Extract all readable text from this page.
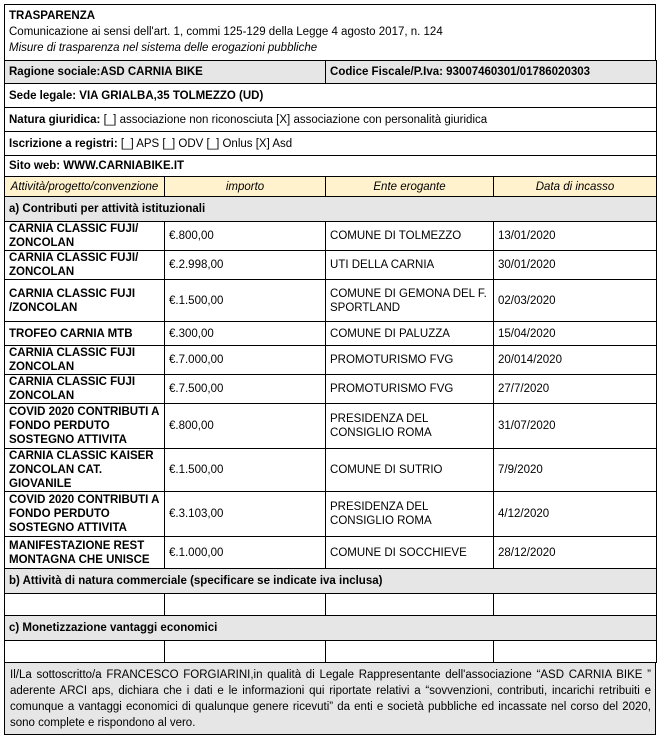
TRASPARENZA
Comunicazione ai sensi dell'art. 1, commi 125-129 della Legge 4 agosto 2017, n. 124
Misure di trasparenza nel sistema delle erogazioni pubbliche
Ragione sociale:ASD CARNIA BIKE		Codice Fiscale/P.Iva: 93007460301/01786020303	
Sede legale: VIA GRIALBA,35 TOLMEZZO (UD)			
Natura giuridica: [_] associazione non riconosciuta [X] associazione con personalità giuridica			
Iscrizione a registri: [_] APS [_] ODV [_] Onlus [X] Asd			
Sito web: WWW.CARNIABIKE.IT			
Attività/progetto/convenzione	importo	Ente erogante	Data di incasso
a) Contributi per attività istituzionali			
CARNIA CLASSIC FUJI/ ZONCOLAN	€.800,00	COMUNE DI TOLMEZZO	13/01/2020
CARNIA CLASSIC FUJI/ ZONCOLAN	€.2.998,00	UTI DELLA CARNIA	30/01/2020
CARNIA CLASSIC FUJI /ZONCOLAN	€.1.500,00	COMUNE DI GEMONA DEL F. SPORTLAND	02/03/2020
TROFEO CARNIA MTB	€.300,00	COMUNE DI PALUZZA	15/04/2020
CARNIA CLASSIC FUJI ZONCOLAN	€.7.000,00	PROMOTURISMO FVG	20/014/2020
CARNIA CLASSIC FUJI ZONCOLAN	€.7.500,00	PROMOTURISMO FVG	27/7/2020
COVID 2020 CONTRIBUTI A FONDO PERDUTO SOSTEGNO ATTIVITA	€.800,00	PRESIDENZA DEL CONSIGLIO ROMA	31/07/2020
CARNIA CLASSIC KAISER ZONCOLAN CAT. GIOVANILE	€.1.500,00	COMUNE DI SUTRIO	7/9/2020
COVID 2020 CONTRIBUTI A FONDO PERDUTO SOSTEGNO ATTIVITA	€.3.103,00	PRESIDENZA DEL CONSIGLIO ROMA	4/12/2020
MANIFESTAZIONE REST MONTAGNA CHE UNISCE	€.1.000,00	COMUNE DI SOCCHIEVE	28/12/2020
b) Attività di natura commerciale (specificare se indicate iva inclusa)			

c) Monetizzazione vantaggi economici			

Il/La sottoscritto/a FRANCESCO FORGIARINI,in qualità di Legale Rappresentante dell'associazione “ASD CARNIA BIKE ” aderente ARCI aps, dichiara che i dati e le informazioni qui riportate relativi a “sovvenzioni, contributi, incarichi retribuiti e comunque a vantaggi economici di qualunque genere ricevuti” da enti e società pubbliche ed incassate nel corso del 2020, sono complete e rispondono al vero.
